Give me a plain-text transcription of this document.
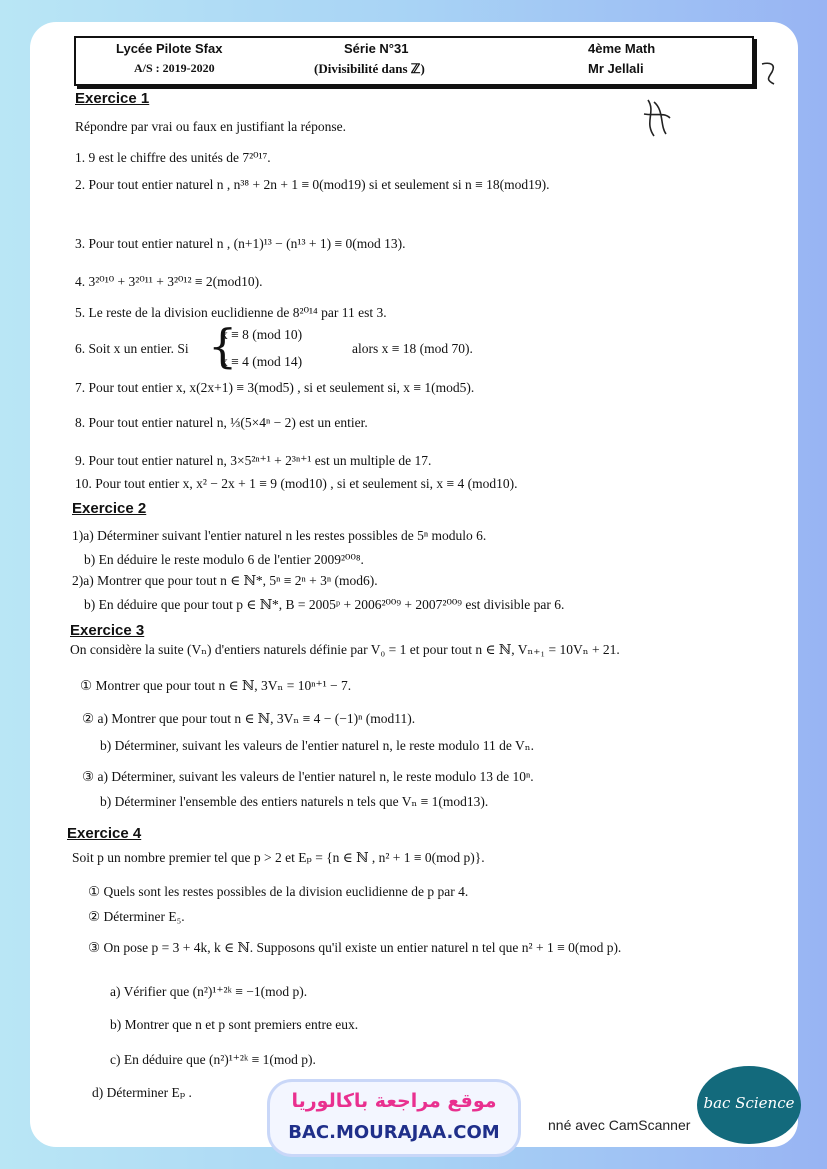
Lycée Pilote Sfax
A/S : 2019-2020
Série N°31
(Divisibilité dans ℤ)
4ème Math
Mr Jellali
Exercice 1
Répondre par vrai ou faux en justifiant la réponse.
1. 9 est le chiffre des unités de 7²⁰¹⁷.
2. Pour tout entier naturel n , n³⁸ + 2n + 1 ≡ 0(mod19) si et seulement si n ≡ 18(mod19).
3. Pour tout entier naturel n , (n+1)¹³ − (n¹³ + 1) ≡ 0(mod 13).
4. 3²⁰¹⁰ + 3²⁰¹¹ + 3²⁰¹² ≡ 2(mod10).
5. Le reste de la division euclidienne de 8²⁰¹⁴ par 11 est 3.
6. Soit x un entier. Si {
x ≡ 8 (mod 10)
x ≡ 4 (mod 14)
alors x ≡ 18 (mod 70).
7. Pour tout entier x, x(2x+1) ≡ 3(mod5) , si et seulement si, x ≡ 1(mod5).
8. Pour tout entier naturel n, ⅓(5×4ⁿ − 2) est un entier.
9. Pour tout entier naturel n, 3×5²ⁿ⁺¹ + 2³ⁿ⁺¹ est un multiple de 17.
10. Pour tout entier x, x² − 2x + 1 ≡ 9 (mod10) , si et seulement si, x ≡ 4 (mod10).
Exercice 2
1)a) Déterminer suivant l'entier naturel n les restes possibles de 5ⁿ modulo 6.
b) En déduire le reste modulo 6 de l'entier 2009²⁰⁰⁸.
2)a) Montrer que pour tout n ∈ ℕ*, 5ⁿ ≡ 2ⁿ + 3ⁿ (mod6).
b) En déduire que pour tout p ∈ ℕ*, B = 2005ᵖ + 2006²⁰⁰⁹ + 2007²⁰⁰⁹ est divisible par 6.
Exercice 3
On considère la suite (Vₙ) d'entiers naturels définie par V₀ = 1 et pour tout n ∈ ℕ, Vₙ₊₁ = 10Vₙ + 21.
① Montrer que pour tout n ∈ ℕ, 3Vₙ = 10ⁿ⁺¹ − 7.
② a) Montrer que pour tout n ∈ ℕ, 3Vₙ ≡ 4 − (−1)ⁿ (mod11).
b) Déterminer, suivant les valeurs de l'entier naturel n, le reste modulo 11 de Vₙ.
③ a) Déterminer, suivant les valeurs de l'entier naturel n, le reste modulo 13 de 10ⁿ.
b) Déterminer l'ensemble des entiers naturels n tels que Vₙ ≡ 1(mod13).
Exercice 4
Soit p un nombre premier tel que p > 2 et Eₚ = {n ∈ ℕ , n² + 1 ≡ 0(mod p)}.
① Quels sont les restes possibles de la division euclidienne de p par 4.
② Déterminer E₅.
③ On pose p = 3 + 4k, k ∈ ℕ. Supposons qu'il existe un entier naturel n tel que n² + 1 ≡ 0(mod p).
a) Vérifier que (n²)¹⁺²ᵏ ≡ −1(mod p).
b) Montrer que n et p sont premiers entre eux.
c) En déduire que (n²)¹⁺²ᵏ ≡ 1(mod p).
d) Déterminer Eₚ .	موقع مراجعة باكالوريا
BAC.MOURAJAA.COM
bac Science
nné avec CamScanner
